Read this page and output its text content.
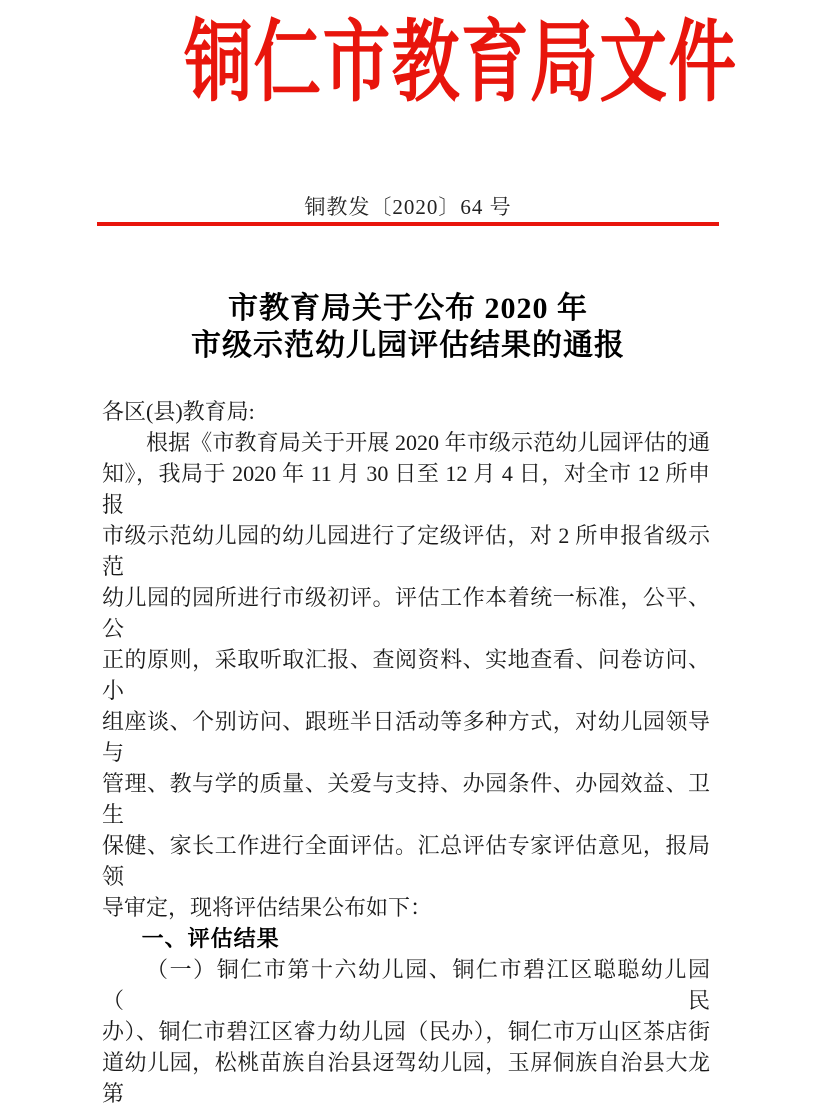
铜仁市教育局文件
铜教发〔2020〕64 号
市教育局关于公布 2020 年
市级示范幼儿园评估结果的通报
各区(县)教育局:
根据《市教育局关于开展 2020 年市级示范幼儿园评估的通
知》，我局于 2020 年 11 月 30 日至 12 月 4 日，对全市 12 所申报
市级示范幼儿园的幼儿园进行了定级评估，对 2 所申报省级示范
幼儿园的园所进行市级初评。评估工作本着统一标准，公平、公
正的原则，采取听取汇报、查阅资料、实地查看、问卷访问、小
组座谈、个别访问、跟班半日活动等多种方式，对幼儿园领导与
管理、教与学的质量、关爱与支持、办园条件、办园效益、卫生
保健、家长工作进行全面评估。汇总评估专家评估意见，报局领
导审定，现将评估结果公布如下：
一、评估结果
（一）铜仁市第十六幼儿园、铜仁市碧江区聪聪幼儿园（民
办）、铜仁市碧江区睿力幼儿园（民办），铜仁市万山区茶店街
道幼儿园，松桃苗族自治县迓驾幼儿园，玉屏侗族自治县大龙第
